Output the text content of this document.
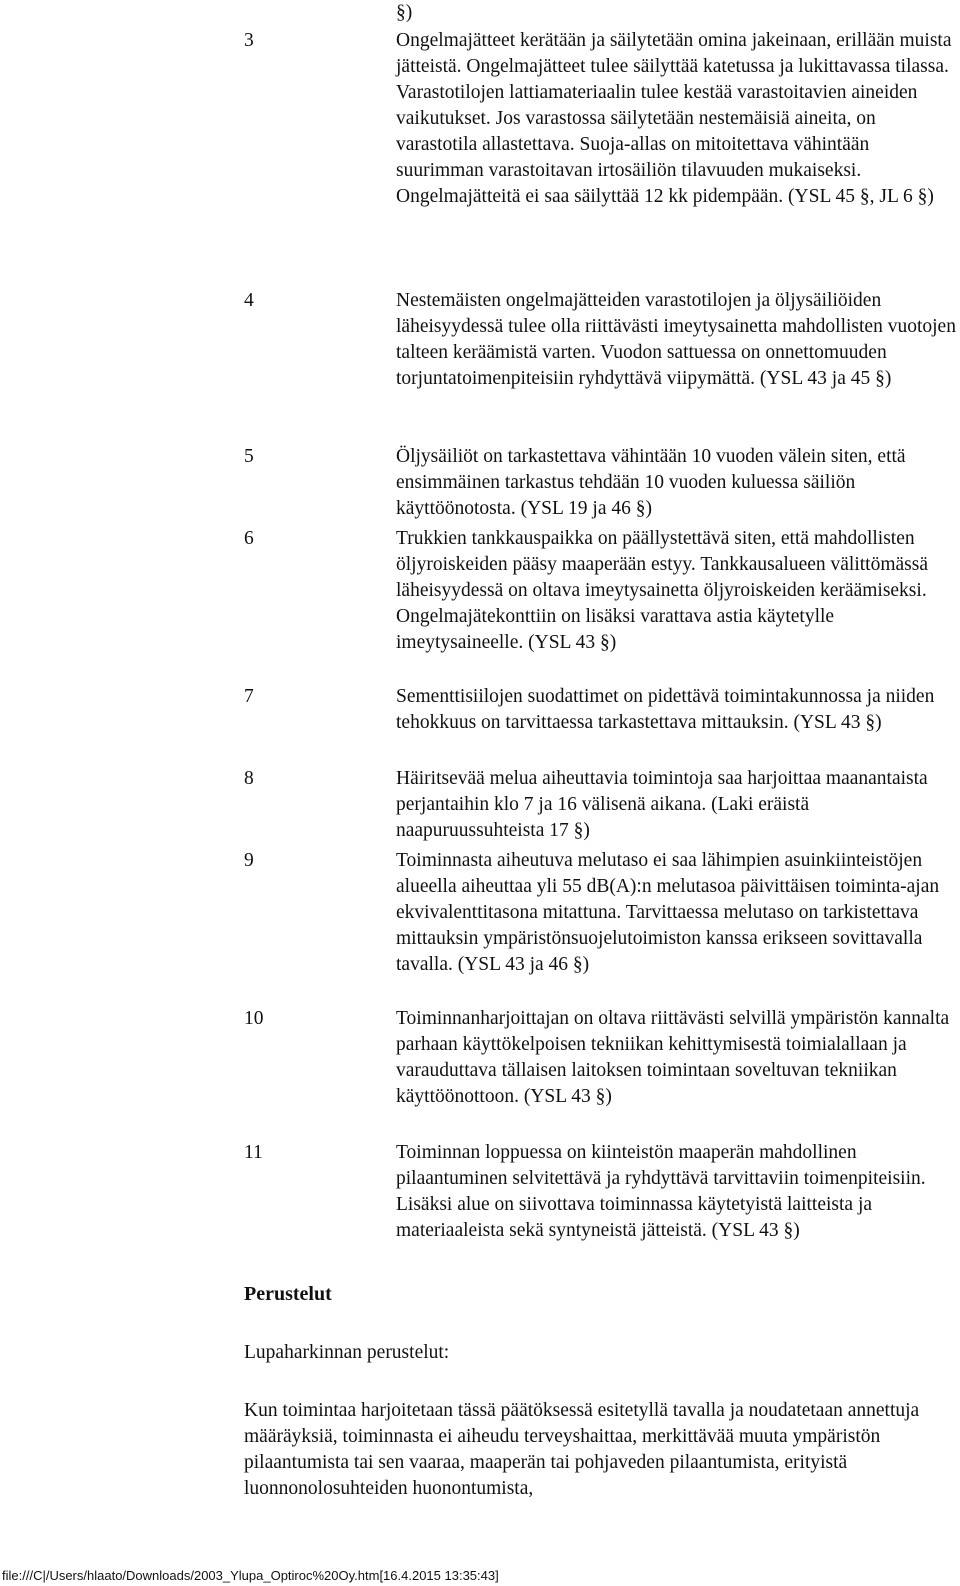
§)
3	Ongelmajätteet kerätään ja säilytetään omina jakeinaan, erillään muista jätteistä. Ongelmajätteet tulee säilyttää katetussa ja lukittavassa tilassa. Varastotilojen lattiamateriaalin tulee kestää varastoitavien aineiden vaikutukset. Jos varastossa säilytetään nestemäisiä aineita, on varastotila allastettava. Suoja-allas on mitoitettava vähintään suurimman varastoitavan irtosäiliön tilavuuden mukaiseksi. Ongelmajätteitä ei saa säilyttää 12 kk pidempään. (YSL 45 §, JL 6 §)
4	Nestemäisten ongelmajätteiden varastotilojen ja öljysäiliöiden läheisyydessä tulee olla riittävästi imeytysainetta mahdollisten vuotojen talteen keräämistä varten. Vuodon sattuessa on onnettomuuden torjuntatoimenpiteisiin ryhdyttävä viipymättä. (YSL 43 ja 45 §)
5	Öljysäiliöt on tarkastettava vähintään 10 vuoden välein siten, että ensimmäinen tarkastus tehdään 10 vuoden kuluessa säiliön käyttöönotosta. (YSL 19 ja 46 §)
6	Trukkien tankkauspaikka on päällystettävä siten, että mahdollisten öljyroiskeiden pääsy maaperään estyy. Tankkausalueen välittömässä läheisyydessä on oltava imeytysainetta öljyroiskeiden keräämiseksi. Ongelmajätekonttiin on lisäksi varattava astia käytetylle imeytysaineelle. (YSL 43 §)
7	Sementtisiilojen suodattimet on pidettävä toimintakunnossa ja niiden tehokkuus on tarvittaessa tarkastettava mittauksin. (YSL 43 §)
8	Häiritsevää melua aiheuttavia toimintoja saa harjoittaa maanantaista perjantaihin klo 7 ja 16 välisenä aikana. (Laki eräistä naapuruussuhteista 17 §)
9	Toiminnasta aiheutuva melutaso ei saa lähimpien asuinkiinteistöjen alueella aiheuttaa yli 55 dB(A):n melutasoa päivittäisen toiminta-ajan ekvivalenttitasona mitattuna. Tarvittaessa melutaso on tarkistettava mittauksin ympäristönsuojelutoimiston kanssa erikseen sovittavalla tavalla. (YSL 43 ja 46 §)
10	Toiminnanharjoittajan on oltava riittävästi selvillä ympäristön kannalta parhaan käyttökelpoisen tekniikan kehittymisestä toimialallaan ja varauduttava tällaisen laitoksen toimintaan soveltuvan tekniikan käyttöönottoon. (YSL 43 §)
11	Toiminnan loppuessa on kiinteistön maaperän mahdollinen pilaantuminen selvitettävä ja ryhdyttävä tarvittaviin toimenpiteisiin. Lisäksi alue on siivottava toiminnassa käytetyistä laitteista ja materiaaleista sekä syntyneistä jätteistä. (YSL 43 §)
Perustelut
Lupaharkinnan perustelut:
Kun toimintaa harjoitetaan tässä päätöksessä esitetyllä tavalla ja noudatetaan annettuja määräyksiä, toiminnasta ei aiheudu terveyshaittaa, merkittävää muuta ympäristön pilaantumista tai sen vaaraa, maaperän tai pohjaveden pilaantumista, erityistä luonnonolosuhteiden huonontumista,
file:///C|/Users/hlaato/Downloads/2003_Ylupa_Optiroc%20Oy.htm[16.4.2015 13:35:43]
